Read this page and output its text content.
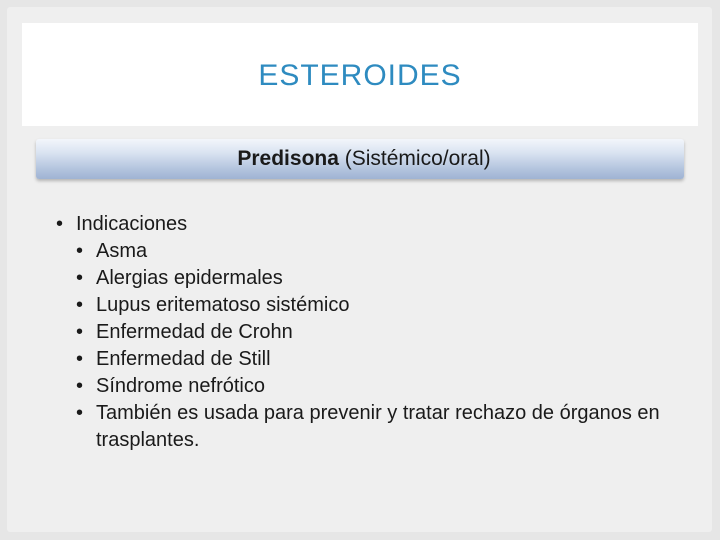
ESTEROIDES
Predisona (Sistémico/oral)
• Indicaciones
• Asma
• Alergias epidermales
• Lupus eritematoso sistémico
• Enfermedad de Crohn
• Enfermedad de Still
• Síndrome nefrótico
• También es usada para prevenir y tratar rechazo de órganos en trasplantes.
